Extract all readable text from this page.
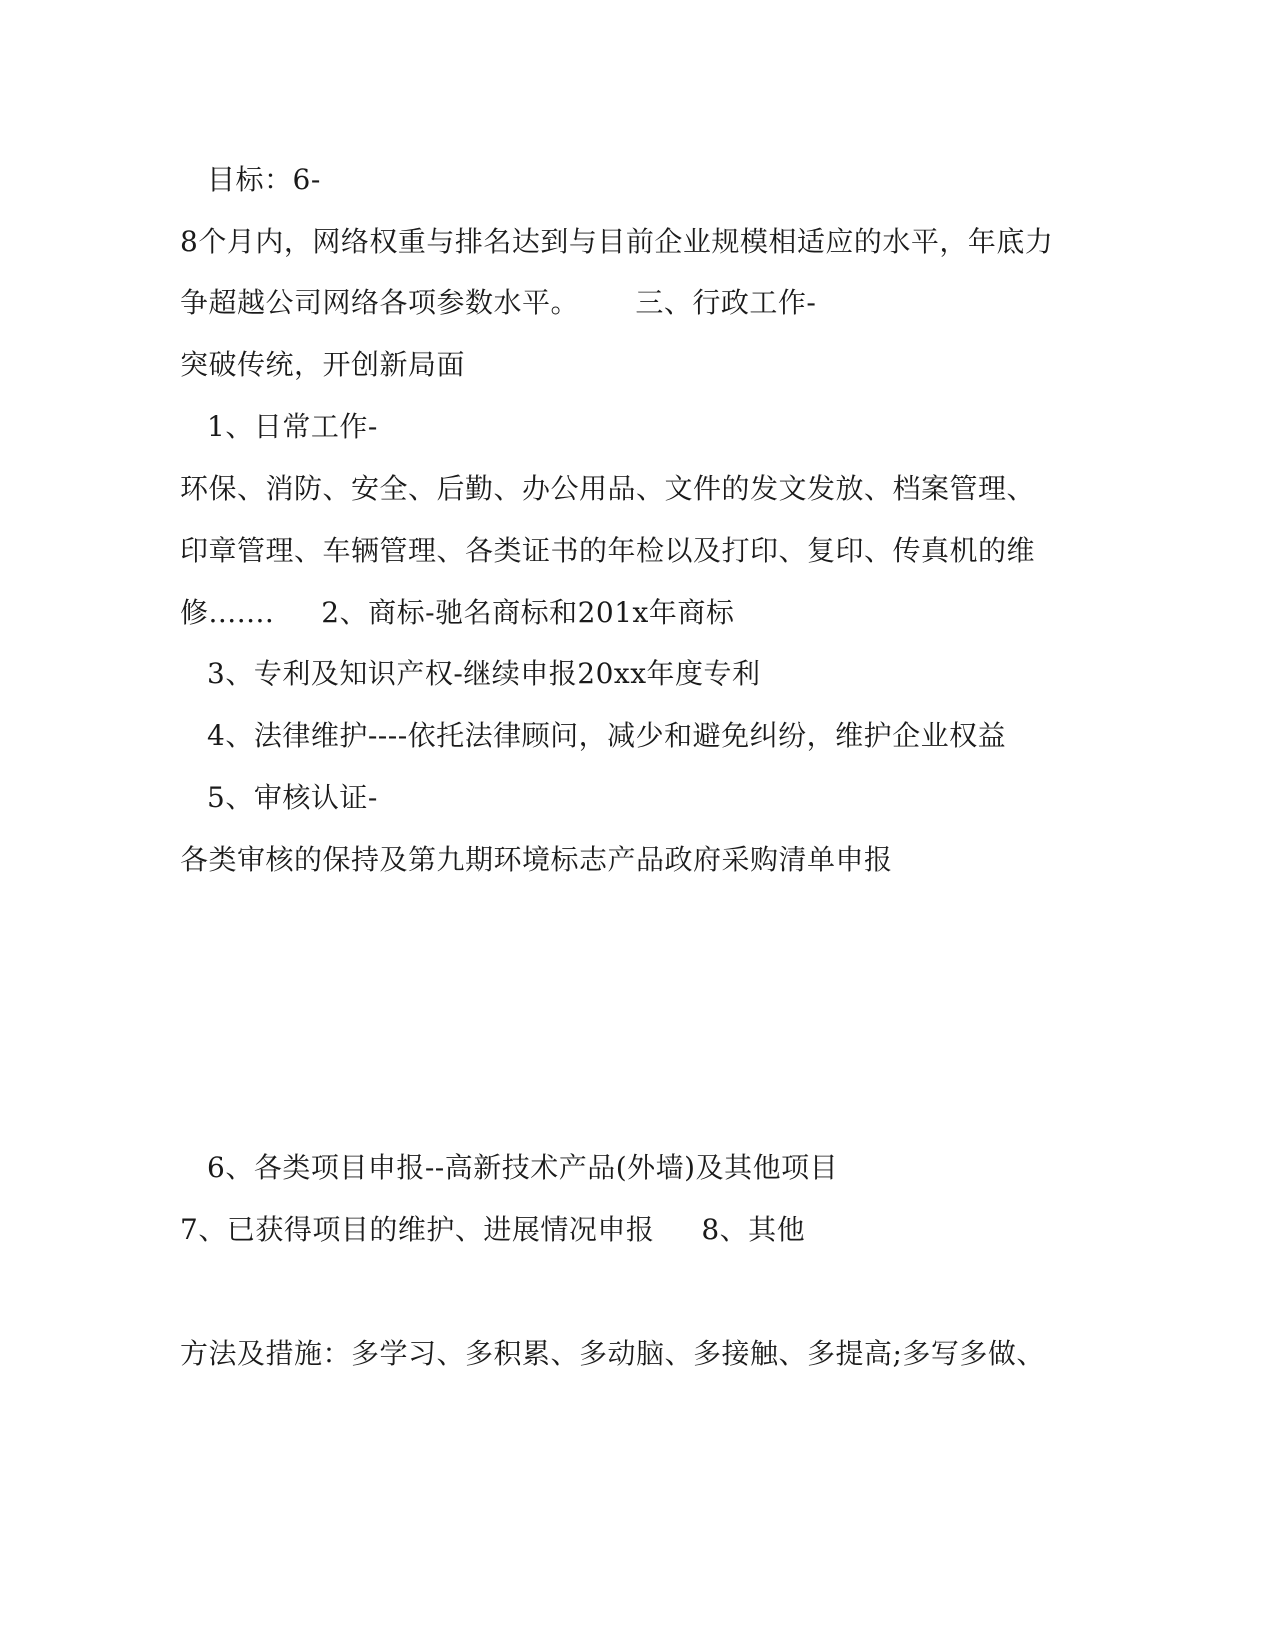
目标：6-
8个月内，网络权重与排名达到与目前企业规模相适应的水平，年底力
争超越公司网络各项参数水平。      三、行政工作-
突破传统，开创新局面
1、日常工作-
环保、消防、安全、后勤、办公用品、文件的发文发放、档案管理、
印章管理、车辆管理、各类证书的年检以及打印、复印、传真机的维
修.......     2、商标-驰名商标和201x年商标
3、专利及知识产权-继续申报20xx年度专利
4、法律维护----依托法律顾问，减少和避免纠纷，维护企业权益
5、审核认证-
各类审核的保持及第九期环境标志产品政府采购清单申报
6、各类项目申报--高新技术产品(外墙)及其他项目
7、已获得项目的维护、进展情况申报     8、其他
方法及措施：多学习、多积累、多动脑、多接触、多提高;多写多做、
